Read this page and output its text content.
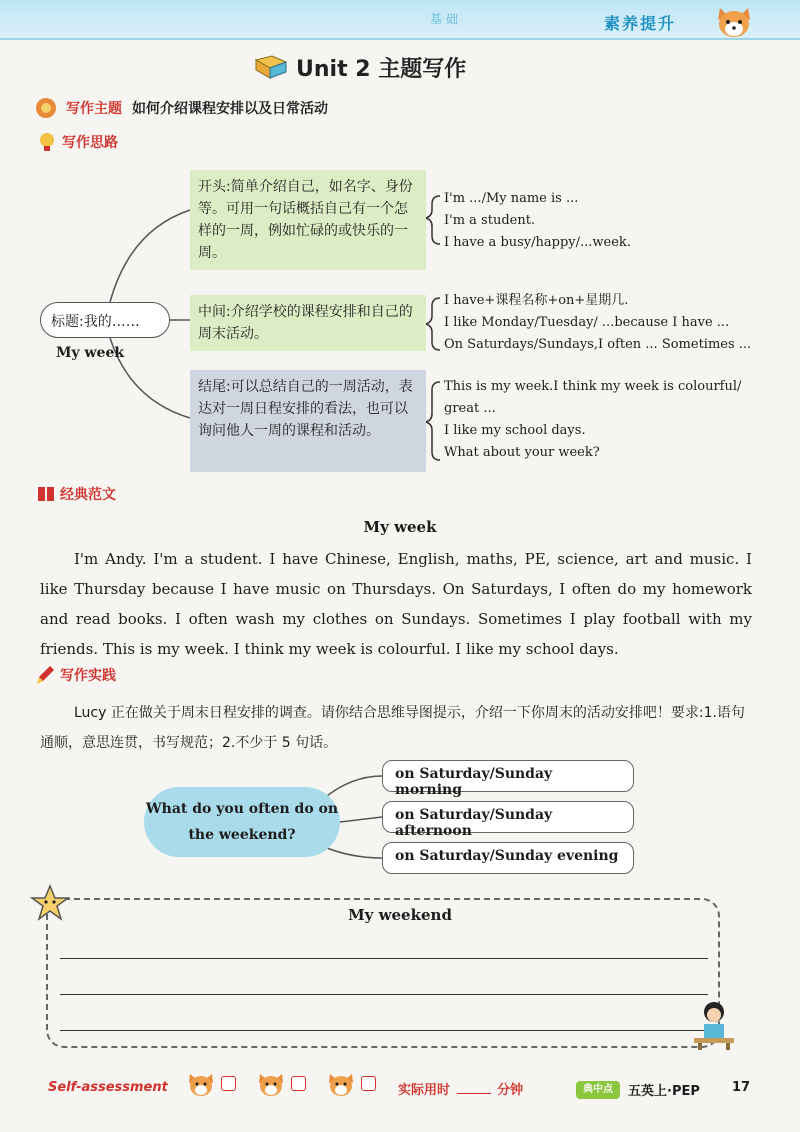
基础	素养提升
Unit 2 主题写作
写作主题 如何介绍课程安排以及日常活动
写作思路
标题:我的……
My week
开头:简单介绍自己，如名字、身份等。可用一句话概括自己有一个怎样的一周，例如忙碌的或快乐的一周。
中间:介绍学校的课程安排和自己的周末活动。
结尾:可以总结自己的一周活动，表达对一周日程安排的看法，也可以询问他人一周的课程和活动。
I'm .../My name is ...
I'm a student.
I have a busy/happy/...week.
I have+课程名称+on+星期几.
I like Monday/Tuesday/ ...because I have ...
On Saturdays/Sundays,I often ... Sometimes ...
This is my week.I think my week is colourful/
great ...
I like my school days.
What about your week?
经典范文
My week
I'm Andy. I'm a student. I have Chinese, English, maths, PE, science, art and music. I like Thursday because I have music on Thursdays. On Saturdays, I often do my homework and read books. I often wash my clothes on Sundays. Sometimes I play football with my friends. This is my week. I think my week is colourful. I like my school days.
写作实践
Lucy 正在做关于周末日程安排的调查。请你结合思维导图提示，介绍一下你周末的活动安排吧！要求:1.语句通顺，意思连贯，书写规范；2.不少于 5 句话。
What do you often do on the weekend?
on Saturday/Sunday morning
on Saturday/Sunday afternoon
on Saturday/Sunday evening
My weekend
Self-assessment	实际用时	分钟	典中点	五英上·PEP 17
